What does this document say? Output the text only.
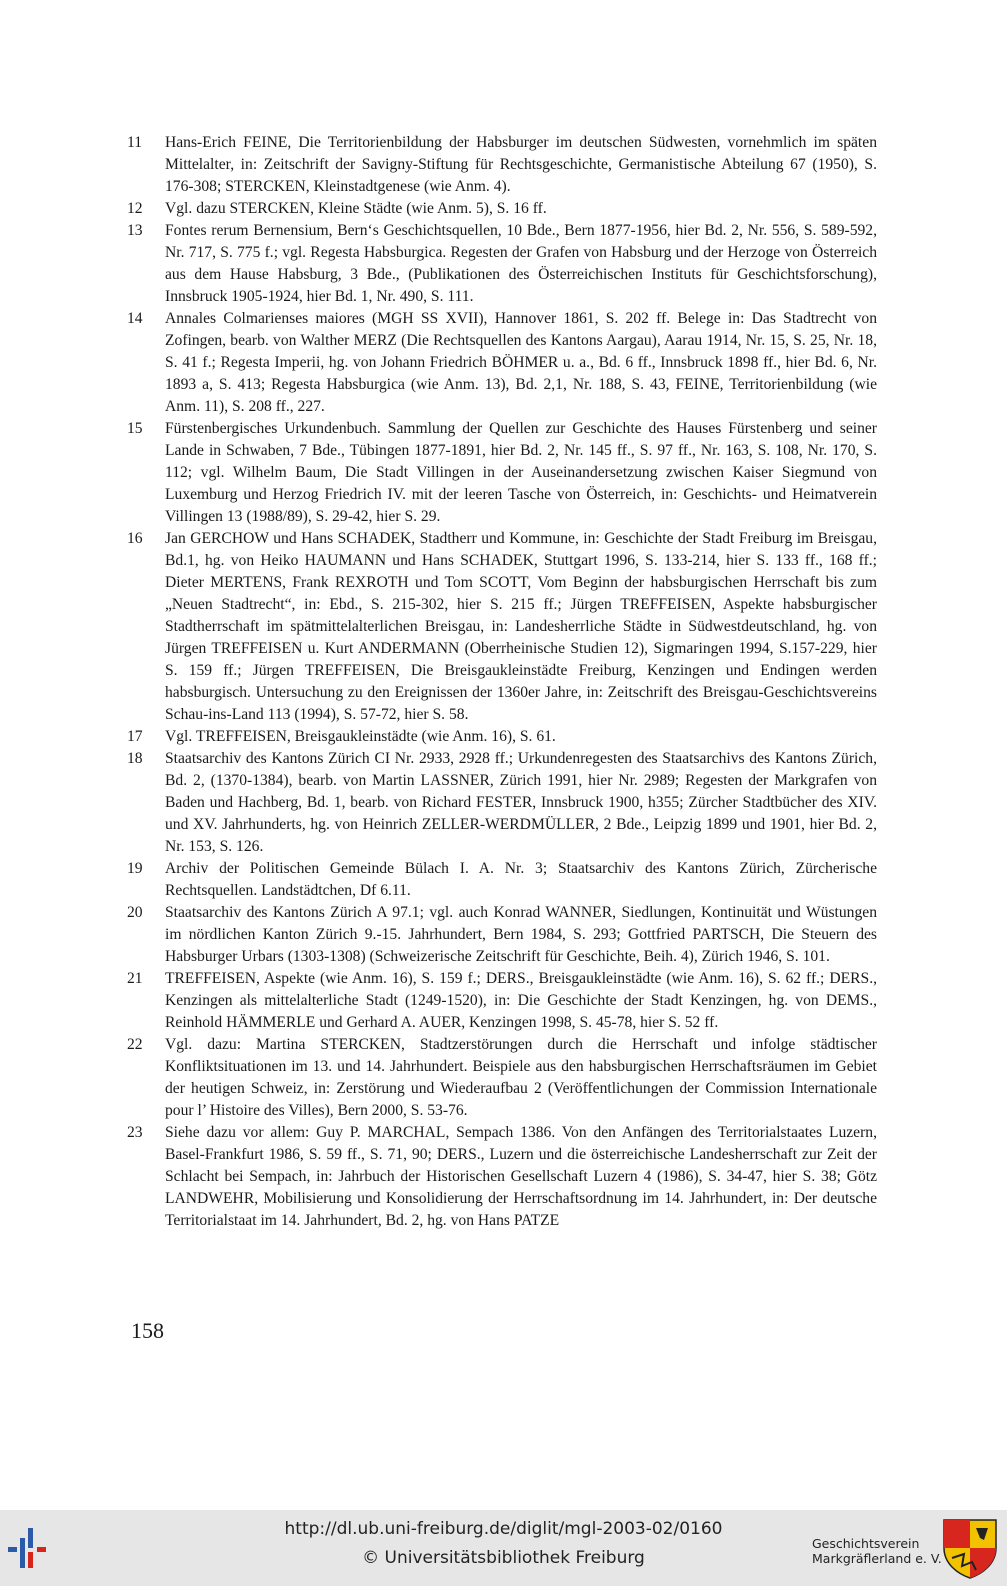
11	Hans-Erich FEINE, Die Territorienbildung der Habsburger im deutschen Südwesten, vornehmlich im späten Mittelalter, in: Zeitschrift der Savigny-Stiftung für Rechtsgeschichte, Germanistische Abteilung 67 (1950), S. 176-308; STERCKEN, Kleinstadtgenese (wie Anm. 4).
12	Vgl. dazu STERCKEN, Kleine Städte (wie Anm. 5), S. 16 ff.
13	Fontes rerum Bernensium, Bern‘s Geschichtsquellen, 10 Bde., Bern 1877-1956, hier Bd. 2, Nr. 556, S. 589-592, Nr. 717, S. 775 f.; vgl. Regesta Habsburgica. Regesten der Grafen von Habsburg und der Herzoge von Österreich aus dem Hause Habsburg, 3 Bde., (Publikationen des Österreichischen Instituts für Geschichtsforschung), Innsbruck 1905-1924, hier Bd. 1, Nr. 490, S. 111.
14	Annales Colmarienses maiores (MGH SS XVII), Hannover 1861, S. 202 ff. Belege in: Das Stadtrecht von Zofingen, bearb. von Walther MERZ (Die Rechtsquellen des Kantons Aargau), Aarau 1914, Nr. 15, S. 25, Nr. 18, S. 41 f.; Regesta Imperii, hg. von Johann Friedrich BÖHMER u. a., Bd. 6 ff., Innsbruck 1898 ff., hier Bd. 6, Nr. 1893 a, S. 413; Regesta Habsburgica (wie Anm. 13), Bd. 2,1, Nr. 188, S. 43, FEINE, Territorienbildung (wie Anm. 11), S. 208 ff., 227.
15	Fürstenbergisches Urkundenbuch. Sammlung der Quellen zur Geschichte des Hauses Fürstenberg und seiner Lande in Schwaben, 7 Bde., Tübingen 1877-1891, hier Bd. 2, Nr. 145 ff., S. 97 ff., Nr. 163, S. 108, Nr. 170, S. 112; vgl. Wilhelm Baum, Die Stadt Villingen in der Auseinandersetzung zwischen Kaiser Siegmund von Luxemburg und Herzog Friedrich IV. mit der leeren Tasche von Österreich, in: Geschichts- und Heimatverein Villingen 13 (1988/89), S. 29-42, hier S. 29.
16	Jan GERCHOW und Hans SCHADEK, Stadtherr und Kommune, in: Geschichte der Stadt Freiburg im Breisgau, Bd.1, hg. von Heiko HAUMANN und Hans SCHADEK, Stuttgart 1996, S. 133-214, hier S. 133 ff., 168 ff.; Dieter MERTENS, Frank REXROTH und Tom SCOTT, Vom Beginn der habsburgischen Herrschaft bis zum „Neuen Stadtrecht“, in: Ebd., S. 215-302, hier S. 215 ff.; Jürgen TREFFEISEN, Aspekte habsburgischer Stadtherrschaft im spätmittelalterlichen Breisgau, in: Landesherrliche Städte in Südwestdeutschland, hg. von Jürgen TREFFEISEN u. Kurt ANDERMANN (Oberrheinische Studien 12), Sigmaringen 1994, S.157-229, hier S. 159 ff.; Jürgen TREFFEISEN, Die Breisgaukleinstädte Freiburg, Kenzingen und Endingen werden habsburgisch. Untersuchung zu den Ereignissen der 1360er Jahre, in: Zeitschrift des Breisgau-Geschichtsvereins Schau-ins-Land 113 (1994), S. 57-72, hier S. 58.
17	Vgl. TREFFEISEN, Breisgaukleinstädte (wie Anm. 16), S. 61.
18	Staatsarchiv des Kantons Zürich CI Nr. 2933, 2928 ff.; Urkundenregesten des Staatsarchivs des Kantons Zürich, Bd. 2, (1370-1384), bearb. von Martin LASSNER, Zürich 1991, hier Nr. 2989; Regesten der Markgrafen von Baden und Hachberg, Bd. 1, bearb. von Richard FESTER, Innsbruck 1900, h355; Zürcher Stadtbücher des XIV. und XV. Jahrhunderts, hg. von Heinrich ZELLER-WERDMÜLLER, 2 Bde., Leipzig 1899 und 1901, hier Bd. 2, Nr. 153, S. 126.
19	Archiv der Politischen Gemeinde Bülach I. A. Nr. 3; Staatsarchiv des Kantons Zürich, Zürcherische Rechtsquellen. Landstädtchen, Df 6.11.
20	Staatsarchiv des Kantons Zürich A 97.1; vgl. auch Konrad WANNER, Siedlungen, Kontinuität und Wüstungen im nördlichen Kanton Zürich 9.-15. Jahrhundert, Bern 1984, S. 293; Gottfried PARTSCH, Die Steuern des Habsburger Urbars (1303-1308) (Schweizerische Zeitschrift für Geschichte, Beih. 4), Zürich 1946, S. 101.
21	TREFFEISEN, Aspekte (wie Anm. 16), S. 159 f.; DERS., Breisgaukleinstädte (wie Anm. 16), S. 62 ff.; DERS., Kenzingen als mittelalterliche Stadt (1249-1520), in: Die Geschichte der Stadt Kenzingen, hg. von DEMS., Reinhold HÄMMERLE und Gerhard A. AUER, Kenzingen 1998, S. 45-78, hier S. 52 ff.
22	Vgl. dazu: Martina STERCKEN, Stadtzerstörungen durch die Herrschaft und infolge städtischer Konfliktsituationen im 13. und 14. Jahrhundert. Beispiele aus den habsburgischen Herrschaftsräumen im Gebiet der heutigen Schweiz, in: Zerstörung und Wiederaufbau 2 (Veröffentlichungen der Commission Internationale pour l’ Histoire des Villes), Bern 2000, S. 53-76.
23	Siehe dazu vor allem: Guy P. MARCHAL, Sempach 1386. Von den Anfängen des Territorialstaates Luzern, Basel-Frankfurt 1986, S. 59 ff., S. 71, 90; DERS., Luzern und die österreichische Landesherrschaft zur Zeit der Schlacht bei Sempach, in: Jahrbuch der Historischen Gesellschaft Luzern 4 (1986), S. 34-47, hier S. 38; Götz LANDWEHR, Mobilisierung und Konsolidierung der Herrschaftsordnung im 14. Jahrhundert, in: Der deutsche Territorialstaat im 14. Jahrhundert, Bd. 2, hg. von Hans PATZE
158
http://dl.ub.uni-freiburg.de/diglit/mgl-2003-02/0160
© Universitätsbibliothek Freiburg
Geschichtsverein
Markgräflerland e. V.
